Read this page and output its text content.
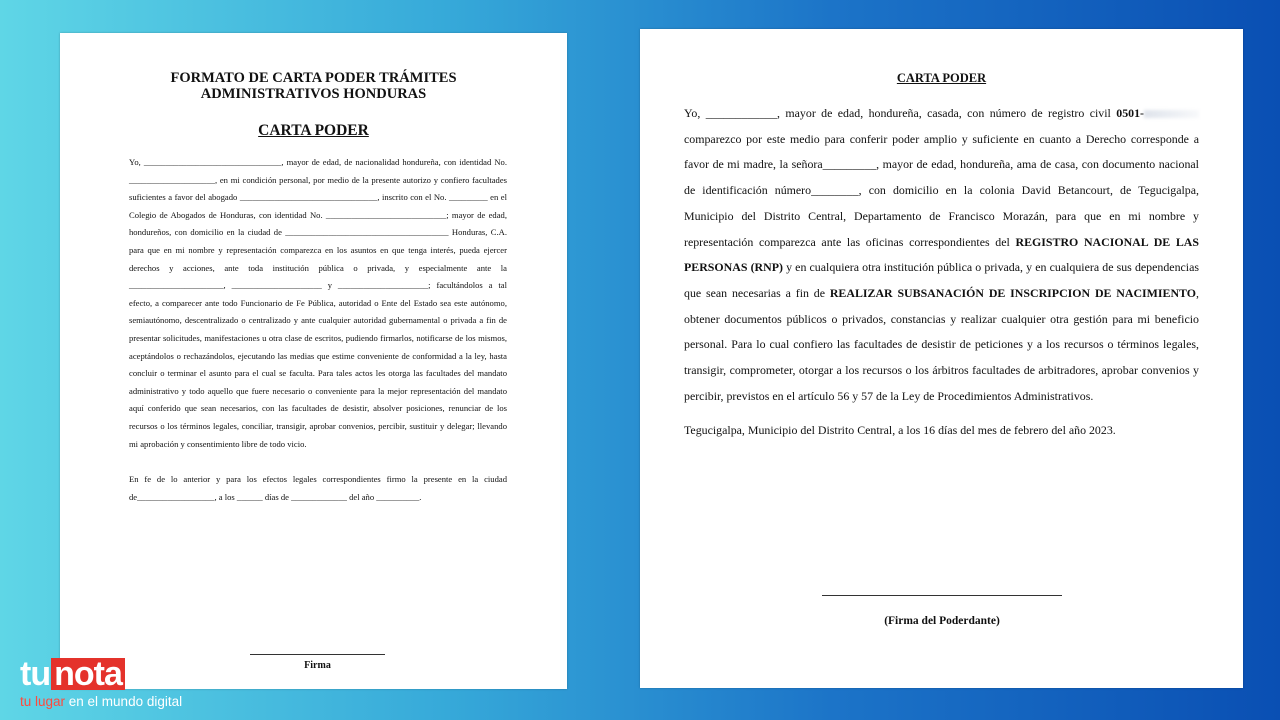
FORMATO DE CARTA PODER TRÁMITES
ADMINISTRATIVOS HONDURAS
CARTA PODER

Yo, ________________________________, mayor de edad, de nacionalidad hondureña, con identidad No. ____________________, en mi condición personal, por medio de la presente autorizo y confiero facultades suficientes a favor del abogado ________________________________, inscrito con el No. _________ en el Colegio de Abogados de Honduras, con identidad No. ____________________________; mayor de edad, hondureños, con domicilio en la ciudad de ______________________________________ Honduras, C.A. para que en mi nombre y representación comparezca en los asuntos en que tenga interés, pueda ejercer derechos y acciones, ante toda institución pública o privada, y especialmente ante la ______________________, _____________________ y _____________________; facultándolos a tal efecto, a comparecer ante todo Funcionario de Fe Pública, autoridad o Ente del Estado sea este autónomo, semiautónomo, descentralizado o centralizado y ante cualquier autoridad gubernamental o privada a fin de presentar solicitudes, manifestaciones u otra clase de escritos, pudiendo firmarlos, notificarse de los mismos, aceptándolos o rechazándolos, ejecutando las medias que estime conveniente de conformidad a la ley, hasta concluir o terminar el asunto para el cual se faculta. Para tales actos les otorga las facultades del mandato administrativo y todo aquello que fuere necesario o conveniente para la mejor representación del mandato aquí conferido que sean necesarios, con las facultades de desistir, absolver posiciones, renunciar de los recursos o los términos legales, conciliar, transigir, aprobar convenios, percibir, sustituir y delegar; llevando mi aprobación y consentimiento libre de todo vicio.

En fe de lo anterior y para los efectos legales correspondientes firmo la presente en la ciudad de__________________, a los ______ días de _____________ del año __________.

Firma
CARTA PODER

Yo, ____________, mayor de edad, hondureña, casada, con número de registro civil 0501- comparezco por este medio para conferir poder amplio y suficiente en cuanto a Derecho corresponde a favor de mi madre, la señora_________, mayor de edad, hondureña, ama de casa, con documento nacional de identificación número________, con domicilio en la colonia David Betancourt, de Tegucigalpa, Municipio del Distrito Central, Departamento de Francisco Morazán, para que en mi nombre y representación comparezca ante las oficinas correspondientes del REGISTRO NACIONAL DE LAS PERSONAS (RNP) y en cualquiera otra institución pública o privada, y en cualquiera de sus dependencias que sean necesarias a fin de REALIZAR SUBSANACIÓN DE INSCRIPCION DE NACIMIENTO, obtener documentos públicos o privados, constancias y realizar cualquier otra gestión para mi beneficio personal. Para lo cual confiero las facultades de desistir de peticiones y a los recursos o términos legales, transigir, comprometer, otorgar a los recursos o los árbitros facultades de arbitradores, aprobar convenios y percibir, previstos en el artículo 56 y 57 de la Ley de Procedimientos Administrativos.

Tegucigalpa, Municipio del Distrito Central, a los 16 días del mes de febrero del año 2023.

(Firma del Poderdante)
tu nota .com
tu lugar en el mundo digital
